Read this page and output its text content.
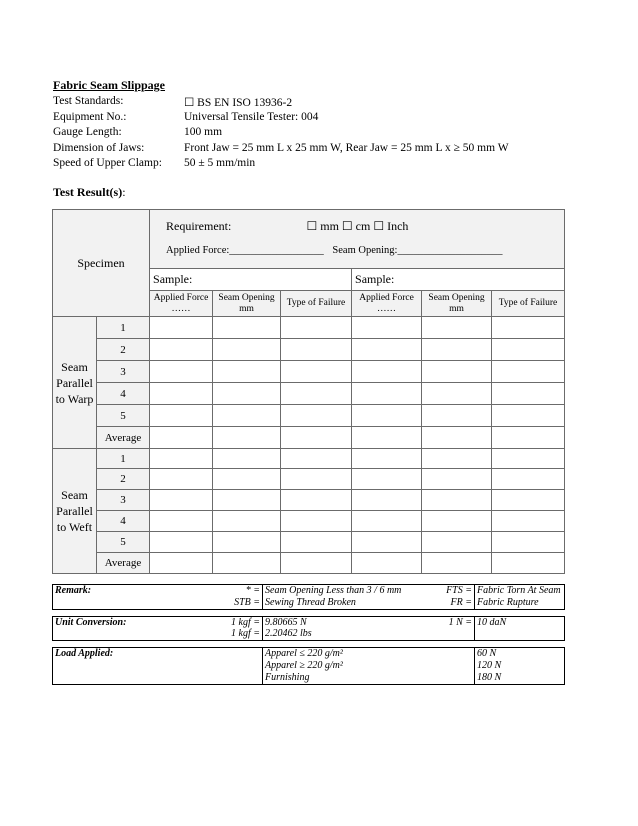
Fabric Seam Slippage
Test Standards:	☐ BS EN ISO 13936-2
Equipment No.:	Universal Tensile Tester: 004
Gauge Length:	100 mm
Dimension of Jaws:	Front Jaw = 25 mm L x 25 mm W, Rear Jaw = 25 mm L x ≥ 50 mm W
Speed of Upper Clamp:	50 ± 5 mm/min
Test Result(s):
Specimen		Requirement: ☐ mm ☐ cm ☐ Inch
Applied Force:__________________ Seam Opening:____________________					

		Sample:			Sample:		
		Applied Force ……	Seam Opening mm	Type of Failure	Applied Force ……	Seam Opening mm	Type of Failure
Seam Parallel to Warp	1						
	2						
	3						
	4						
	5						
	Average						
Seam Parallel to Weft	1						
	2						
	3						
	4						
	5						
	Average						
Remark:		* =	Seam Opening Less than 3 / 6 mm	FTS =	Fabric Torn At Seam
		STB =	Sewing Thread Broken	FR =	Fabric Rupture

Unit Conversion:		1 kgf =	9.80665 N	1 N =	10 daN
		1 kgf =	2.20462 lbs		

Load Applied:			Apparel ≤ 220 g/m²		60 N
			Apparel ≥ 220 g/m²		120 N
			Furnishing		180 N
